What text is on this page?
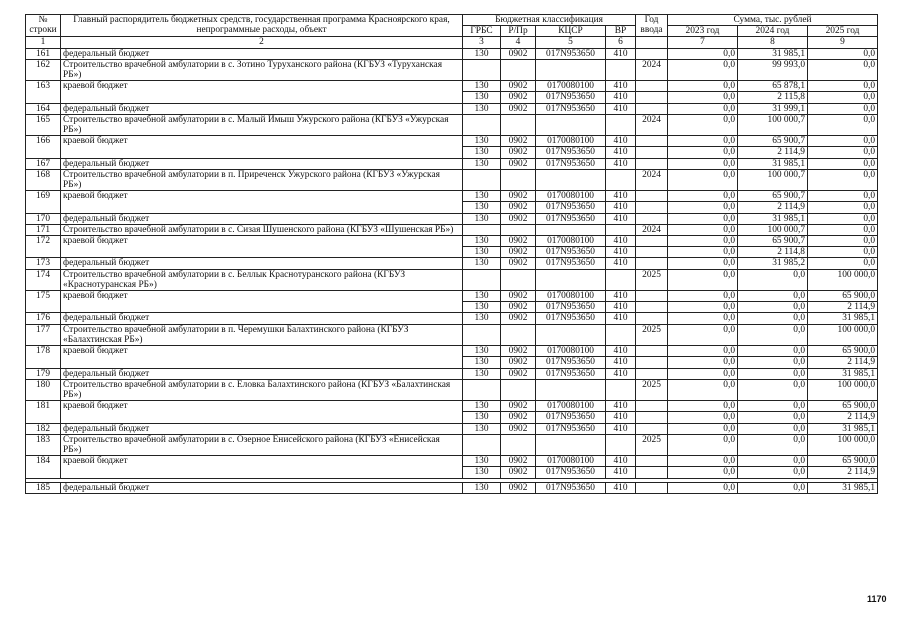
№ строки	Главный распорядитель бюджетных средств, государственная программа Красноярского края, непрограммные расходы, объект	Бюджетная классификация				Год ввода	Сумма, тыс. рублей		
		ГРБС	Р/Пр	КЦСР	ВР		2023 год	2024 год	2025 год
1	2	3	4	5	6		7	8	9
161	федеральный бюджет	130	0902	017N953650	410		0,0	31 985,1	0,0
162	Строительство врачебной амбулатории в с. Зотино Туруханского района (КГБУЗ «Туруханская РБ»)					2024	0,0	99 993,0	0,0
163	краевой бюджет	130	0902	0170080100	410		0,0	65 878,1	0,0
		130	0902	017N953650	410		0,0	2 115,8	0,0
164	федеральный бюджет	130	0902	017N953650	410		0,0	31 999,1	0,0
165	Строительство врачебной амбулатории в с. Малый Имыш Ужурского района (КГБУЗ «Ужурская РБ»)					2024	0,0	100 000,7	0,0
166	краевой бюджет	130	0902	0170080100	410		0,0	65 900,7	0,0
		130	0902	017N953650	410		0,0	2 114,9	0,0
167	федеральный бюджет	130	0902	017N953650	410		0,0	31 985,1	0,0
168	Строительство врачебной амбулатории в п. Приреченск Ужурского района (КГБУЗ «Ужурская РБ»)					2024	0,0	100 000,7	0,0
169	краевой бюджет	130	0902	0170080100	410		0,0	65 900,7	0,0
		130	0902	017N953650	410		0,0	2 114,9	0,0
170	федеральный бюджет	130	0902	017N953650	410		0,0	31 985,1	0,0
171	Строительство врачебной амбулатории в с. Сизая Шушенского района (КГБУЗ «Шушенская РБ»)					2024	0,0	100 000,7	0,0
172	краевой бюджет	130	0902	0170080100	410		0,0	65 900,7	0,0
		130	0902	017N953650	410		0,0	2 114,8	0,0
173	федеральный бюджет	130	0902	017N953650	410		0,0	31 985,2	0,0
174	Строительство врачебной амбулатории в с. Беллык Краснотуранского района (КГБУЗ «Краснотуранская РБ»)					2025	0,0	0,0	100 000,0
175	краевой бюджет	130	0902	0170080100	410		0,0	0,0	65 900,0
		130	0902	017N953650	410		0,0	0,0	2 114,9
176	федеральный бюджет	130	0902	017N953650	410		0,0	0,0	31 985,1
177	Строительство врачебной амбулатории в п. Черемушки Балахтинского района (КГБУЗ «Балахтинская РБ»)					2025	0,0	0,0	100 000,0
178	краевой бюджет	130	0902	0170080100	410		0,0	0,0	65 900,0
		130	0902	017N953650	410		0,0	0,0	2 114,9
179	федеральный бюджет	130	0902	017N953650	410		0,0	0,0	31 985,1
180	Строительство врачебной амбулатории в с. Еловка Балахтинского района (КГБУЗ «Балахтинская РБ»)					2025	0,0	0,0	100 000,0
181	краевой бюджет	130	0902	0170080100	410		0,0	0,0	65 900,0
		130	0902	017N953650	410		0,0	0,0	2 114,9
182	федеральный бюджет	130	0902	017N953650	410		0,0	0,0	31 985,1
183	Строительство врачебной амбулатории в с. Озерное Енисейского района (КГБУЗ «Енисейская РБ»)					2025	0,0	0,0	100 000,0
184	краевой бюджет	130	0902	0170080100	410		0,0	0,0	65 900,0
		130	0902	017N953650	410		0,0	0,0	2 114,9

185	федеральный бюджет	130	0902	017N953650	410		0,0	0,0	31 985,1
1170
